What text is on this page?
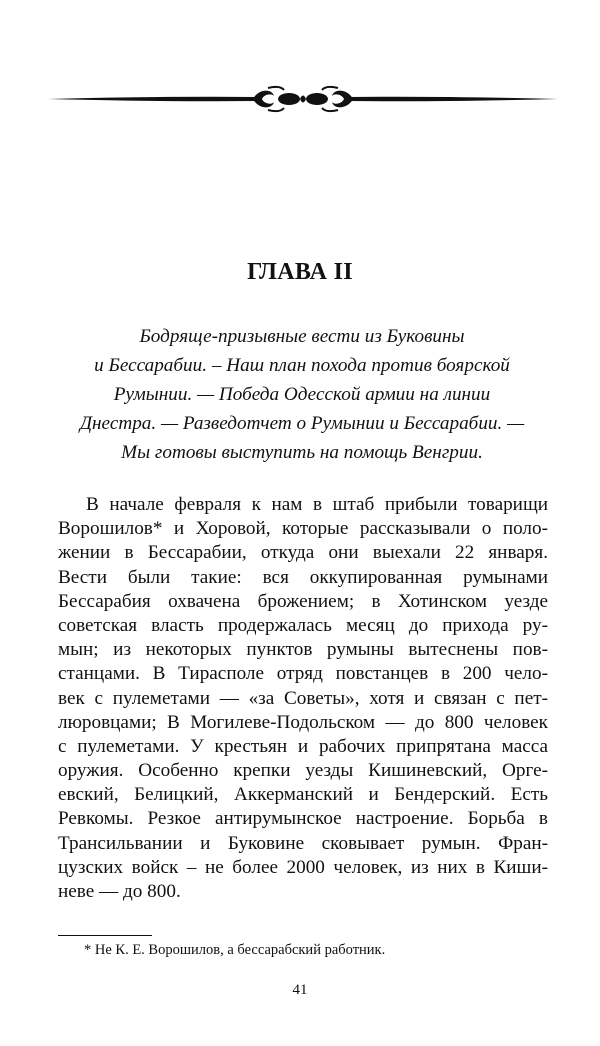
ГЛАВА II
Бодряще-призывные вести из Буковины
и Бессарабии. – Наш план похода против боярской
Румынии. — Победа Одесской армии на линии
Днестра. — Разведотчет о Румынии и Бессарабии. —
Мы готовы выступить на помощь Венгрии.
В начале февраля к нам в штаб прибыли товарищи
Ворошилов* и Хоровой, которые рассказывали о поло-
жении в Бессарабии, откуда они выехали 22 января.
Вести были такие: вся оккупированная румынами
Бессарабия охвачена брожением; в Хотинском уезде
советская власть продержалась месяц до прихода ру-
мын; из некоторых пунктов румыны вытеснены пов-
станцами. В Тирасполе отряд повстанцев в 200 чело-
век с пулеметами — «за Советы», хотя и связан с пет-
люровцами; В Могилеве-Подольском — до 800 человек
с пулеметами. У крестьян и рабочих припрятана масса
оружия. Особенно крепки уезды Кишиневский, Орге-
евский, Белицкий, Аккерманский и Бендерский. Есть
Ревкомы. Резкое антирумынское настроение. Борьба в
Трансильвании и Буковине сковывает румын. Фран-
цузских войск – не более 2000 человек, из них в Киши-
неве — до 800.
* Не К. Е. Ворошилов, а бессарабский работник.
41
